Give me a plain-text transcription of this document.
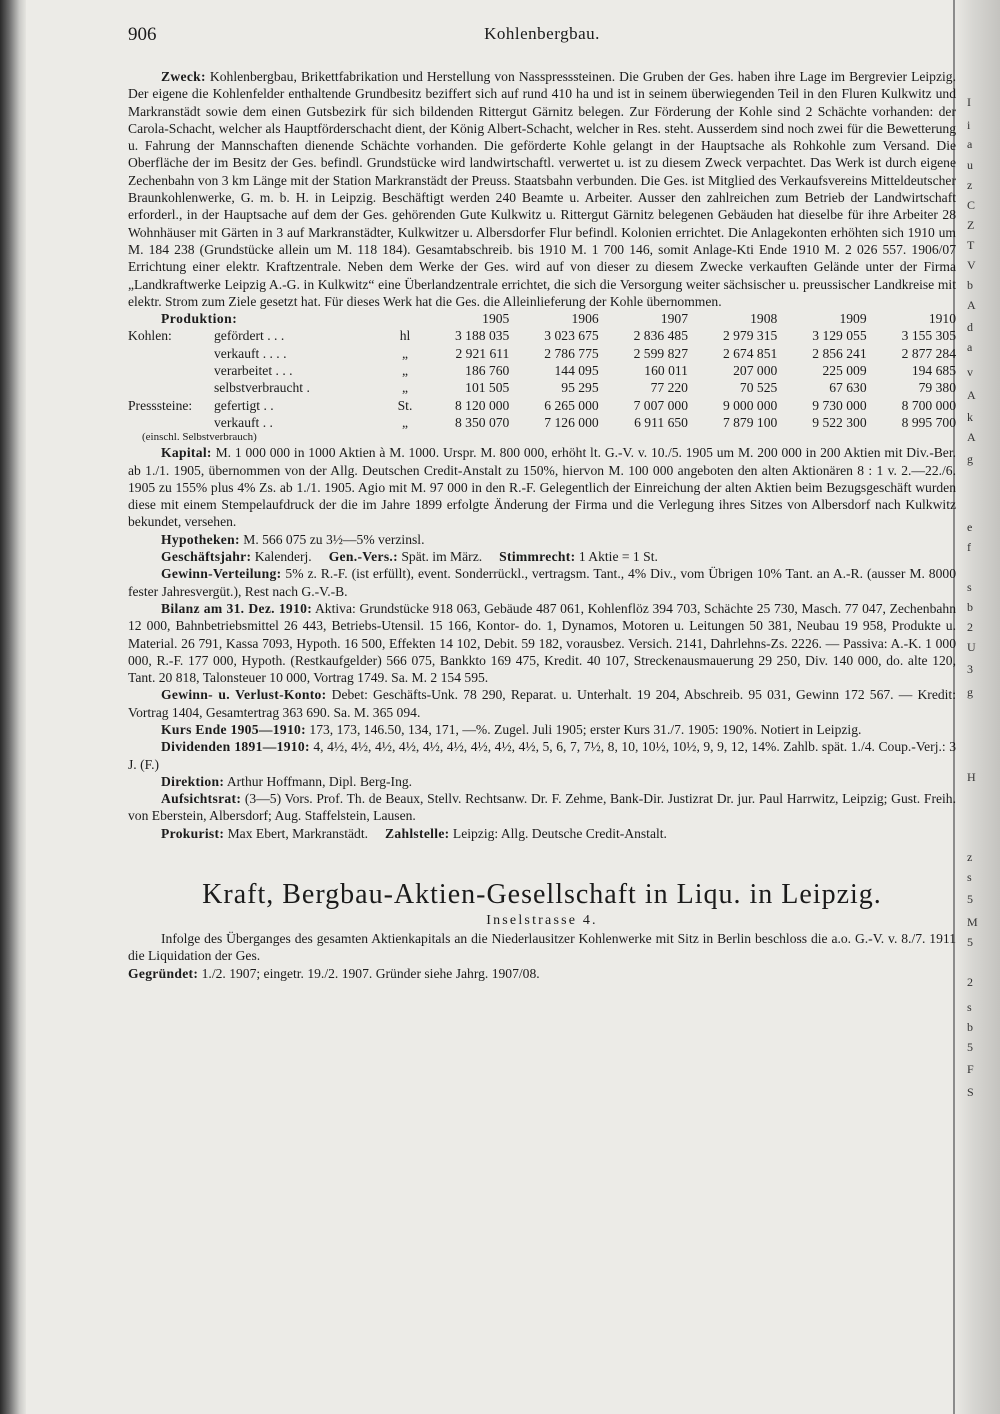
I
i
a
u
z
C
Z
T
V
b
A
d
a
v
A
k
A
g
e
f
s
b
2
U
3
g
H
z
s
5
M
5
2
s
b
5
F
S
906	Kohlenbergbau.

Zweck: Kohlenbergbau, Brikettfabrikation und Herstellung von Nasspresssteinen. Die Gruben der Ges. haben ihre Lage im Bergrevier Leipzig. Der eigene die Kohlenfelder enthaltende Grundbesitz beziffert sich auf rund 410 ha und ist in seinem überwiegenden Teil in den Fluren Kulkwitz und Markranstädt sowie dem einen Gutsbezirk für sich bildenden Rittergut Gärnitz belegen. Zur Förderung der Kohle sind 2 Schächte vorhanden: der Carola-Schacht, welcher als Hauptförderschacht dient, der König Albert-Schacht, welcher in Res. steht. Ausserdem sind noch zwei für die Bewetterung u. Fahrung der Mannschaften dienende Schächte vorhanden. Die geförderte Kohle gelangt in der Hauptsache als Rohkohle zum Versand. Die Oberfläche der im Besitz der Ges. befindl. Grundstücke wird landwirtschaftl. verwertet u. ist zu diesem Zweck verpachtet. Das Werk ist durch eigene Zechenbahn von 3 km Länge mit der Station Markranstädt der Preuss. Staatsbahn verbunden. Die Ges. ist Mitglied des Verkaufsvereins Mitteldeutscher Braunkohlenwerke, G. m. b. H. in Leipzig. Beschäftigt werden 240 Beamte u. Arbeiter. Ausser den zahlreichen zum Betrieb der Landwirtschaft erforderl., in der Hauptsache auf dem der Ges. gehörenden Gute Kulkwitz u. Rittergut Gärnitz belegenen Gebäuden hat dieselbe für ihre Arbeiter 28 Wohnhäuser mit Gärten in 3 auf Markranstädter, Kulkwitzer u. Albersdorfer Flur befindl. Kolonien errichtet. Die Anlagekonten erhöhten sich 1910 um M. 184 238 (Grundstücke allein um M. 118 184). Gesamtabschreib. bis 1910 M. 1 700 146, somit Anlage-Kti Ende 1910 M. 2 026 557. 1906/07 Errichtung einer elektr. Kraftzentrale. Neben dem Werke der Ges. wird auf von dieser zu diesem Zwecke verkauften Gelände unter der Firma „Landkraftwerke Leipzig A.-G. in Kulkwitz“ eine Überlandzentrale errichtet, die sich die Versorgung weiter sächsischer u. preussischer Landkreise mit elektr. Strom zum Ziele gesetzt hat. Für dieses Werk hat die Ges. die Alleinlieferung der Kohle übernommen.

Produktion:			1905	1906	1907	1908	1909	1910
Kohlen:	gefördert . . .	hl	3 188 035	3 023 675	2 836 485	2 979 315	3 129 055	3 155 305
	verkauft . . . .	„	2 921 611	2 786 775	2 599 827	2 674 851	2 856 241	2 877 284
	verarbeitet . . .	„	186 760	144 095	160 011	207 000	225 009	194 685
	selbstverbraucht .	„	101 505	95 295	77 220	70 525	67 630	79 380
Presssteine:	gefertigt . .	St.	8 120 000	6 265 000	7 007 000	9 000 000	9 730 000	8 700 000
	verkauft . .	„	8 350 070	7 126 000	6 911 650	7 879 100	9 522 300	8 995 700
(einschl. Selbstverbrauch)								

Kapital: M. 1 000 000 in 1000 Aktien à M. 1000. Urspr. M. 800 000, erhöht lt. G.-V. v. 10./5. 1905 um M. 200 000 in 200 Aktien mit Div.-Ber. ab 1./1. 1905, übernommen von der Allg. Deutschen Credit-Anstalt zu 150%, hiervon M. 100 000 angeboten den alten Aktionären 8 : 1 v. 2.—22./6. 1905 zu 155% plus 4% Zs. ab 1./1. 1905. Agio mit M. 97 000 in den R.-F. Gelegentlich der Einreichung der alten Aktien beim Bezugsgeschäft wurden diese mit einem Stempelaufdruck der die im Jahre 1899 erfolgte Änderung der Firma und die Verlegung ihres Sitzes von Albersdorf nach Kulkwitz bekundet, versehen.

Hypotheken: M. 566 075 zu 3½—5% verzinsl.

Geschäftsjahr: Kalenderj. Gen.-Vers.: Spät. im März. Stimmrecht: 1 Aktie = 1 St.

Gewinn-Verteilung: 5% z. R.-F. (ist erfüllt), event. Sonderrückl., vertragsm. Tant., 4% Div., vom Übrigen 10% Tant. an A.-R. (ausser M. 8000 fester Jahresvergüt.), Rest nach G.-V.-B.

Bilanz am 31. Dez. 1910: Aktiva: Grundstücke 918 063, Gebäude 487 061, Kohlenflöz 394 703, Schächte 25 730, Masch. 77 047, Zechenbahn 12 000, Bahnbetriebsmittel 26 443, Betriebs-Utensil. 15 166, Kontor- do. 1, Dynamos, Motoren u. Leitungen 50 381, Neubau 19 958, Produkte u. Material. 26 791, Kassa 7093, Hypoth. 16 500, Effekten 14 102, Debit. 59 182, vorausbez. Versich. 2141, Dahrlehns-Zs. 2226. — Passiva: A.-K. 1 000 000, R.-F. 177 000, Hypoth. (Restkaufgelder) 566 075, Bankkto 169 475, Kredit. 40 107, Streckenausmauerung 29 250, Div. 140 000, do. alte 120, Tant. 20 818, Talonsteuer 10 000, Vortrag 1749. Sa. M. 2 154 595.

Gewinn- u. Verlust-Konto: Debet: Geschäfts-Unk. 78 290, Reparat. u. Unterhalt. 19 204, Abschreib. 95 031, Gewinn 172 567. — Kredit: Vortrag 1404, Gesamtertrag 363 690. Sa. M. 365 094.

Kurs Ende 1905—1910: 173, 173, 146.50, 134, 171, —%. Zugel. Juli 1905; erster Kurs 31./7. 1905: 190%. Notiert in Leipzig.

Dividenden 1891—1910: 4, 4½, 4½, 4½, 4½, 4½, 4½, 4½, 4½, 4½, 5, 6, 7, 7½, 8, 10, 10½, 10½, 9, 9, 12, 14%. Zahlb. spät. 1./4. Coup.-Verj.: 3 J. (F.)

Direktion: Arthur Hoffmann, Dipl. Berg-Ing.

Aufsichtsrat: (3—5) Vors. Prof. Th. de Beaux, Stellv. Rechtsanw. Dr. F. Zehme, Bank-Dir. Justizrat Dr. jur. Paul Harrwitz, Leipzig; Gust. Freih. von Eberstein, Albersdorf; Aug. Staffelstein, Lausen.

Prokurist: Max Ebert, Markranstädt. Zahlstelle: Leipzig: Allg. Deutsche Credit-Anstalt.

Kraft, Bergbau-Aktien-Gesellschaft in Liqu. in Leipzig.

Inselstrasse 4.

Infolge des Überganges des gesamten Aktienkapitals an die Niederlausitzer Kohlenwerke mit Sitz in Berlin beschloss die a.o. G.-V. v. 8./7. 1911 die Liquidation der Ges.

Gegründet: 1./2. 1907; eingetr. 19./2. 1907. Gründer siehe Jahrg. 1907/08.
